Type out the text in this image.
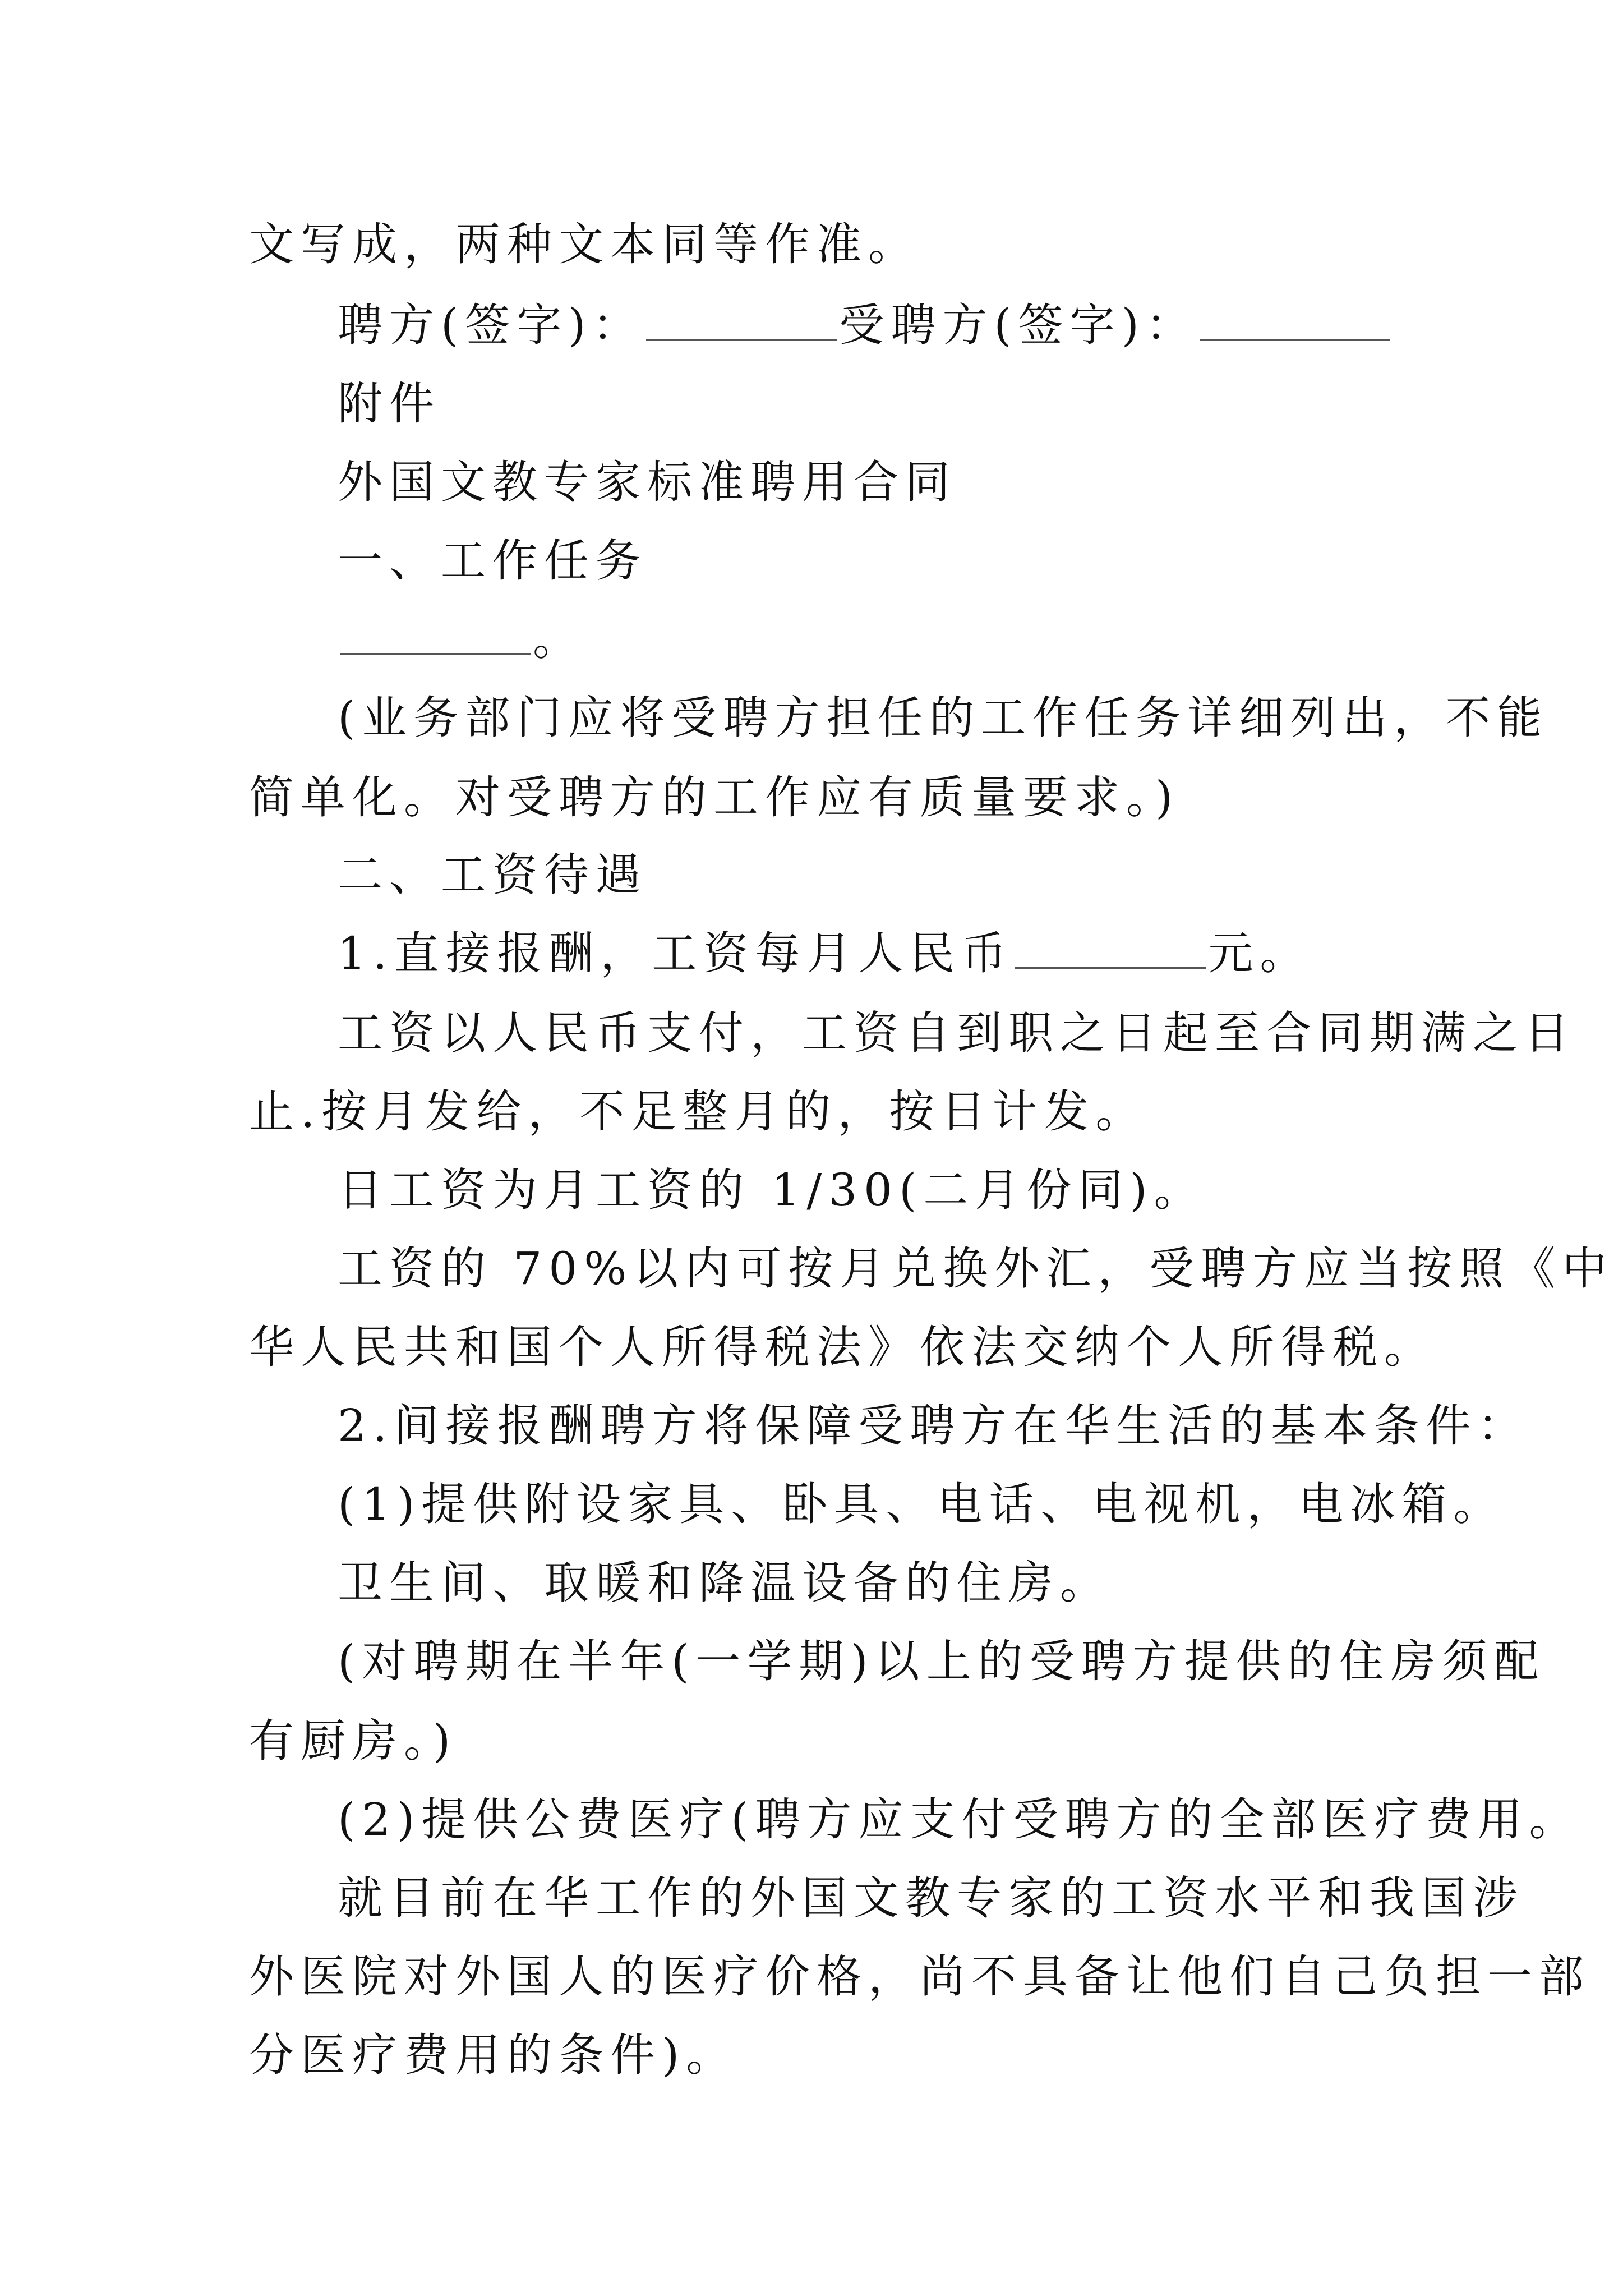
文写成，两种文本同等作准。
聘方(签字)：	受聘方(签字)：
附件
外国文教专家标准聘用合同
一、工作任务
。
(业务部门应将受聘方担任的工作任务详细列出，不能
简单化。对受聘方的工作应有质量要求。)
二、工资待遇
1.直接报酬，工资每月人民币	元。
工资以人民币支付，工资自到职之日起至合同期满之日
止.按月发给，不足整月的，按日计发。
日工资为月工资的 1/30(二月份同)。
工资的 70%以内可按月兑换外汇，受聘方应当按照《中
华人民共和国个人所得税法》依法交纳个人所得税。
2.间接报酬聘方将保障受聘方在华生活的基本条件：
(1)提供附设家具、卧具、电话、电视机，电冰箱。
卫生间、取暖和降温设备的住房。
(对聘期在半年(一学期)以上的受聘方提供的住房须配
有厨房。)
(2)提供公费医疗(聘方应支付受聘方的全部医疗费用。
就目前在华工作的外国文教专家的工资水平和我国涉
外医院对外国人的医疗价格，尚不具备让他们自己负担一部
分医疗费用的条件)。
